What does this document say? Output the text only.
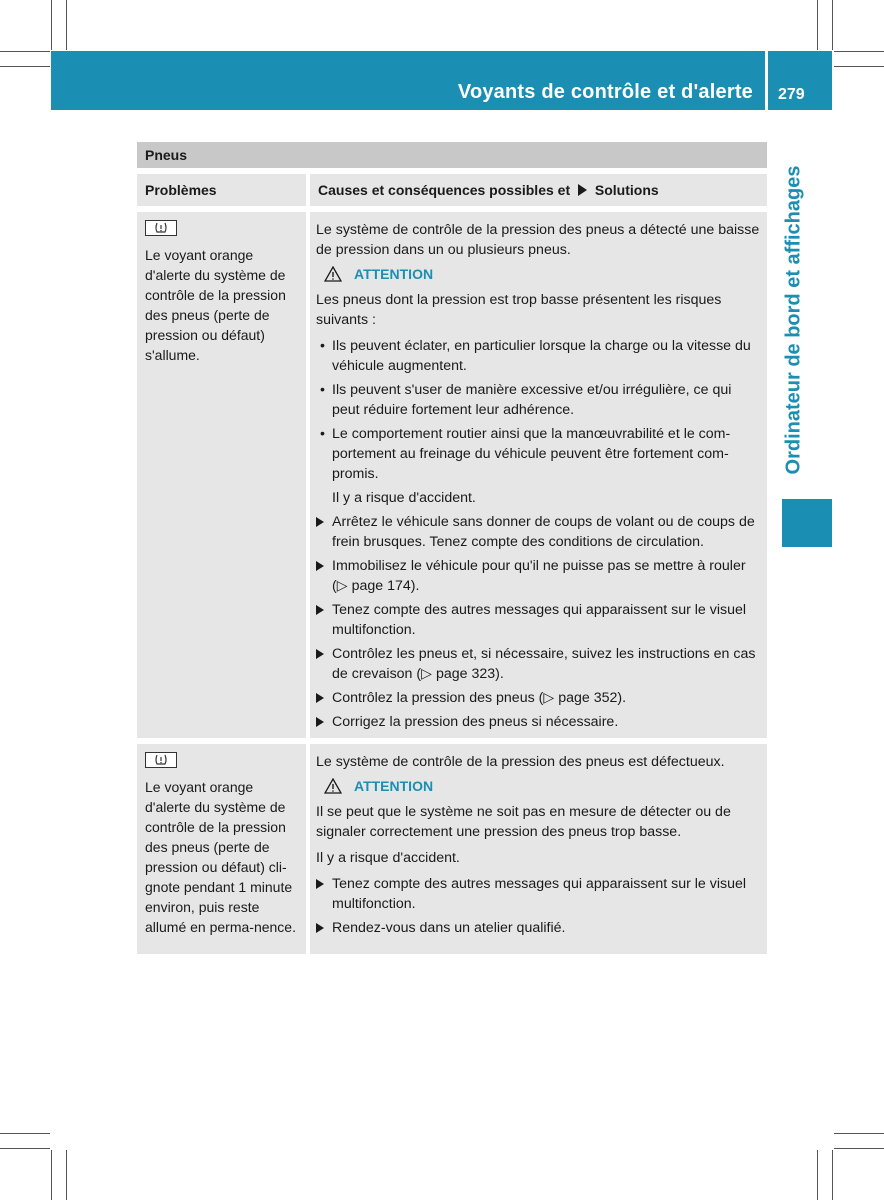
Voyants de contrôle et d'alerte 279
Ordinateur de bord et affichages
Pneus
Problèmes	Causes et conséquences possibles et Solutions
Le voyant orange d'alerte du système de contrôle de la pression des pneus (perte de pression ou défaut) s'allume.

Le système de contrôle de la pression des pneus a détecté une baisse de pression dans un ou plusieurs pneus.

ATTENTION

Les pneus dont la pression est trop basse présentent les risques suivants :

• Ils peuvent éclater, en particulier lorsque la charge ou la vitesse du véhicule augmentent.
• Ils peuvent s'user de manière excessive et/ou irrégulière, ce qui peut réduire fortement leur adhérence.
• Le comportement routier ainsi que la manœuvrabilité et le com-portement au freinage du véhicule peuvent être fortement com-promis.
Il y a risque d'accident.
Arrêtez le véhicule sans donner de coups de volant ou de coups de frein brusques. Tenez compte des conditions de circulation.
Immobilisez le véhicule pour qu'il ne puisse pas se mettre à rouler (▷ page 174).
Tenez compte des autres messages qui apparaissent sur le visuel multifonction.
Contrôlez les pneus et, si nécessaire, suivez les instructions en cas de crevaison (▷ page 323).
Contrôlez la pression des pneus (▷ page 352).
Corrigez la pression des pneus si nécessaire.
Le voyant orange d'alerte du système de contrôle de la pression des pneus (perte de pression ou défaut) cli-gnote pendant 1 minute environ, puis reste allumé en perma-nence.

Le système de contrôle de la pression des pneus est défectueux.

ATTENTION

Il se peut que le système ne soit pas en mesure de détecter ou de signaler correctement une pression des pneus trop basse.

Il y a risque d'accident.

Tenez compte des autres messages qui apparaissent sur le visuel multifonction.
Rendez-vous dans un atelier qualifié.
